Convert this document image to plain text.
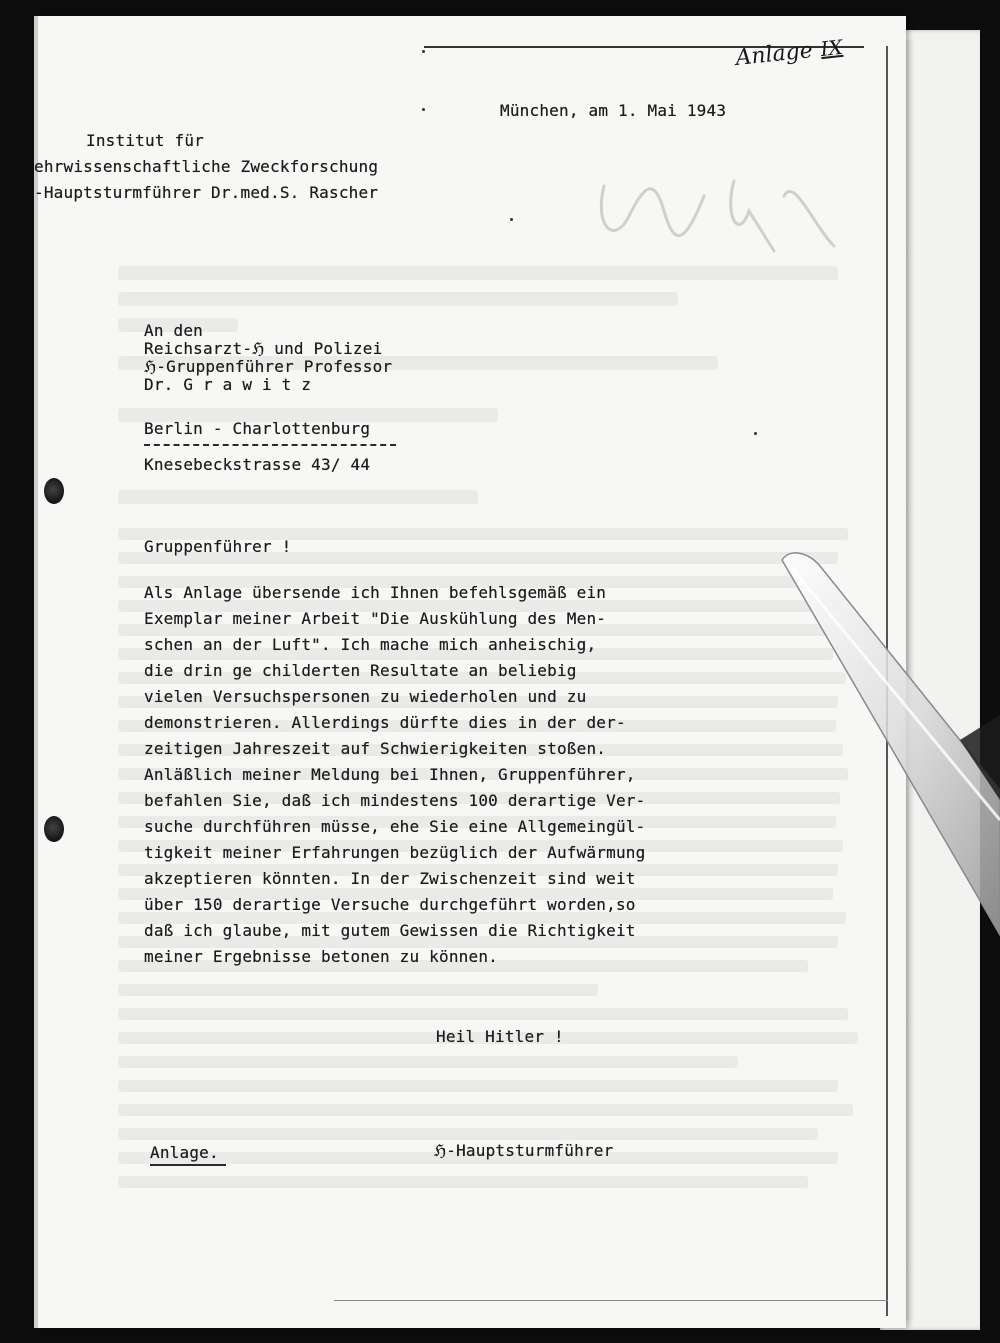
Anlage IX
München, am 1. Mai 1943
Institut für
ehrwissenschaftliche Zweckforschung
-Hauptsturmführer Dr.med.S. Rascher
An den
Reichsarzt-ℌ und Polizei
ℌ-Gruppenführer Professor
Dr. G r a w i t z
Berlin - Charlottenburg
Knesebeckstrasse 43/ 44
Gruppenführer !
Als Anlage übersende ich Ihnen befehlsgemäß ein
Exemplar meiner Arbeit "Die Auskühlung des Men-
schen an der Luft". Ich mache mich anheischig,
die drin ge childerten Resultate an beliebig
vielen Versuchspersonen zu wiederholen und zu
demonstrieren. Allerdings dürfte dies in der der-
zeitigen Jahreszeit auf Schwierigkeiten stoßen.
Anläßlich meiner Meldung bei Ihnen, Gruppenführer,
befahlen Sie, daß ich mindestens 100 derartige Ver-
suche durchführen müsse, ehe Sie eine Allgemeingül-
tigkeit meiner Erfahrungen bezüglich der Aufwärmung
akzeptieren könnten. In der Zwischenzeit sind weit
über 150 derartige Versuche durchgeführt worden,so
daß ich glaube, mit gutem Gewissen die Richtigkeit
meiner Ergebnisse betonen zu können.
Heil Hitler !
Anlage.	ℌ-Hauptsturmführer
